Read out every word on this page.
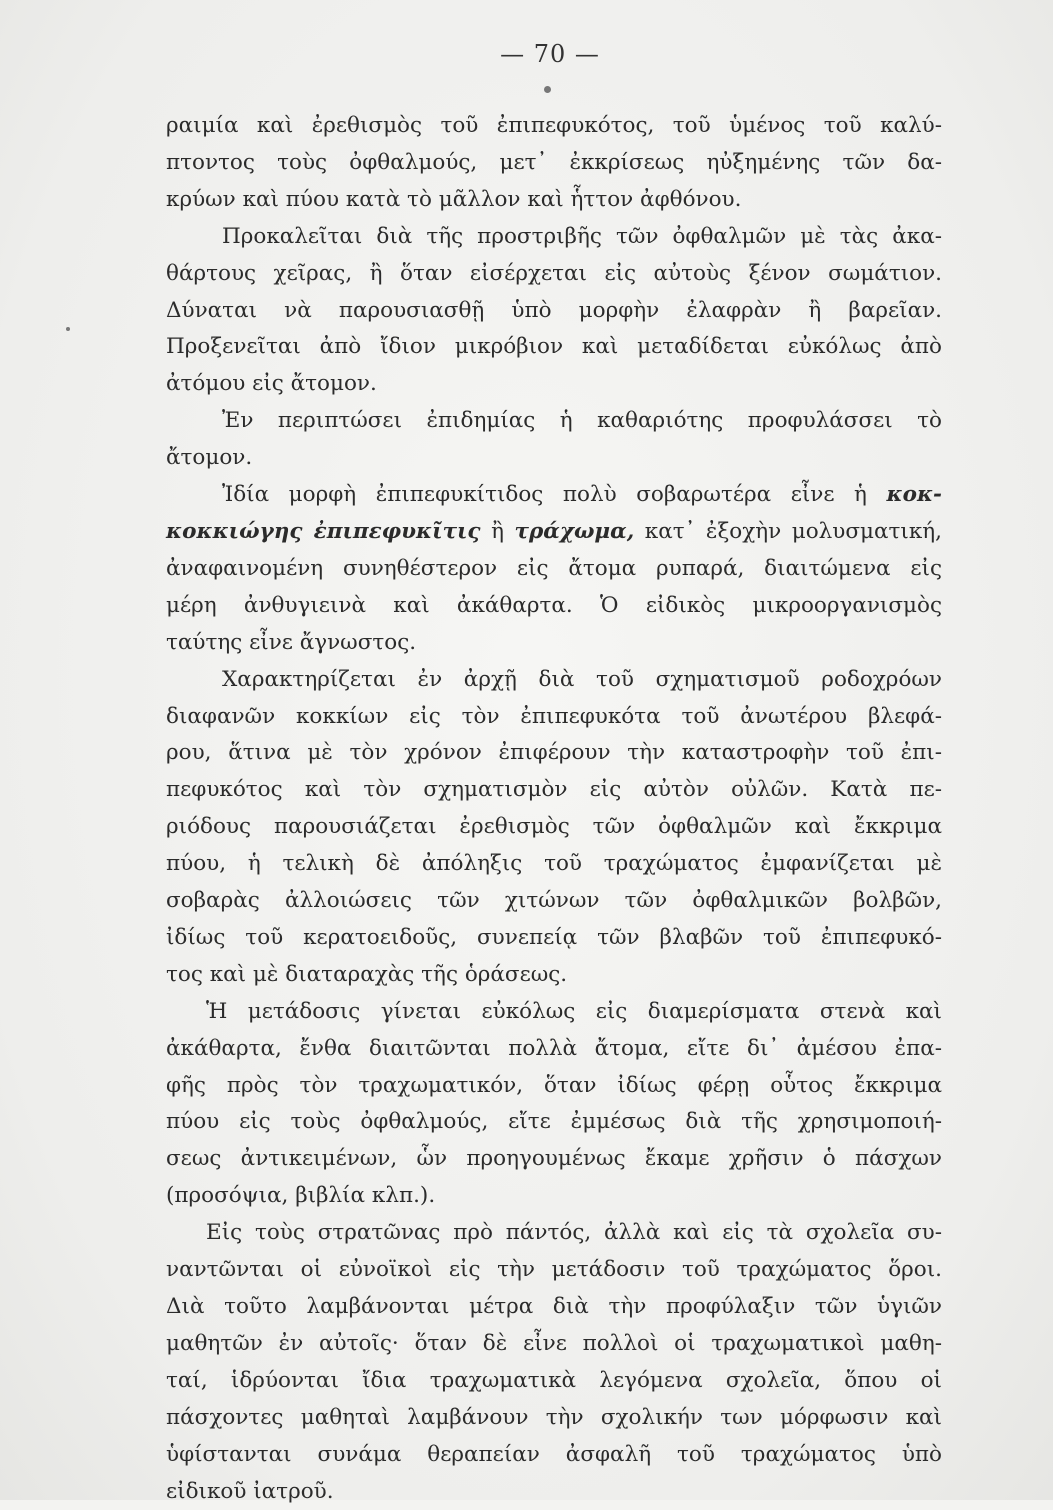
— 70 —
ραιμία καὶ ἐρεθισμὸς τοῦ ἐπιπεφυκότος, τοῦ ὑμένος τοῦ καλύ-
πτοντος τοὺς ὀφθαλμούς, μετ᾽ ἐκκρίσεως ηὐξημένης τῶν δα-
κρύων καὶ πύου κατὰ τὸ μᾶλλον καὶ ἧττον ἀφθόνου.
Προκαλεῖται διὰ τῆς προστριβῆς τῶν ὀφθαλμῶν μὲ τὰς ἀκα-
θάρτους χεῖρας, ἢ ὅταν εἰσέρχεται εἰς αὐτοὺς ξένον σωμάτιον.
Δύναται νὰ παρουσιασθῇ ὑπὸ μορφὴν ἐλαφρὰν ἢ βαρεῖαν.
Προξενεῖται ἀπὸ ἴδιον μικρόβιον καὶ μεταδίδεται εὐκόλως ἀπὸ
ἀτόμου εἰς ἄτομον.
Ἐν περιπτώσει ἐπιδημίας ἡ καθαριότης προφυλάσσει τὸ
ἄτομον.
Ἰδία μορφὴ ἐπιπεφυκίτιδος πολὺ σοβαρωτέρα εἶνε ἡ κοκ-
κοκκιώγης ἐπιπεφυκῖτις ἢ τράχωμα, κατ᾽ ἐξοχὴν μολυσματική,
ἀναφαινομένη συνηθέστερον εἰς ἄτομα ρυπαρά, διαιτώμενα εἰς
μέρη ἀνθυγιεινὰ καὶ ἀκάθαρτα. Ὁ εἰδικὸς μικροοργανισμὸς
ταύτης εἶνε ἄγνωστος.
Χαρακτηρίζεται ἐν ἀρχῇ διὰ τοῦ σχηματισμοῦ ροδοχρόων
διαφανῶν κοκκίων εἰς τὸν ἐπιπεφυκότα τοῦ ἀνωτέρου βλεφά-
ρου, ἅτινα μὲ τὸν χρόνον ἐπιφέρουν τὴν καταστροφὴν τοῦ ἐπι-
πεφυκότος καὶ τὸν σχηματισμὸν εἰς αὐτὸν οὐλῶν. Κατὰ πε-
ριόδους παρουσιάζεται ἐρεθισμὸς τῶν ὀφθαλμῶν καὶ ἔκκριμα
πύου, ἡ τελικὴ δὲ ἀπόληξις τοῦ τραχώματος ἐμφανίζεται μὲ
σοβαρὰς ἀλλοιώσεις τῶν χιτώνων τῶν ὀφθαλμικῶν βολβῶν,
ἰδίως τοῦ κερατοειδοῦς, συνεπείᾳ τῶν βλαβῶν τοῦ ἐπιπεφυκό-
τος καὶ μὲ διαταραχὰς τῆς ὁράσεως.
Ἡ μετάδοσις γίνεται εὐκόλως εἰς διαμερίσματα στενὰ καὶ
ἀκάθαρτα, ἔνθα διαιτῶνται πολλὰ ἄτομα, εἴτε δι᾽ ἀμέσου ἐπα-
φῆς πρὸς τὸν τραχωματικόν, ὅταν ἰδίως φέρῃ οὗτος ἔκκριμα
πύου εἰς τοὺς ὀφθαλμούς, εἴτε ἐμμέσως διὰ τῆς χρησιμοποιή-
σεως ἀντικειμένων, ὧν προηγουμένως ἔκαμε χρῆσιν ὁ πάσχων
(προσόψια, βιβλία κλπ.).
Εἰς τοὺς στρατῶνας πρὸ πάντός, ἀλλὰ καὶ εἰς τὰ σχολεῖα συ-
ναντῶνται οἱ εὐνοϊκοὶ εἰς τὴν μετάδοσιν τοῦ τραχώματος ὅροι.
Διὰ τοῦτο λαμβάνονται μέτρα διὰ τὴν προφύλαξιν τῶν ὑγιῶν
μαθητῶν ἐν αὐτοῖς· ὅταν δὲ εἶνε πολλοὶ οἱ τραχωματικοὶ μαθη-
ταί, ἱδρύονται ἴδια τραχωματικὰ λεγόμενα σχολεῖα, ὅπου οἱ
πάσχοντες μαθηταὶ λαμβάνουν τὴν σχολικήν των μόρφωσιν καὶ
ὑφίστανται συνάμα θεραπείαν ἀσφαλῆ τοῦ τραχώματος ὑπὸ
εἰδικοῦ ἰατροῦ.
